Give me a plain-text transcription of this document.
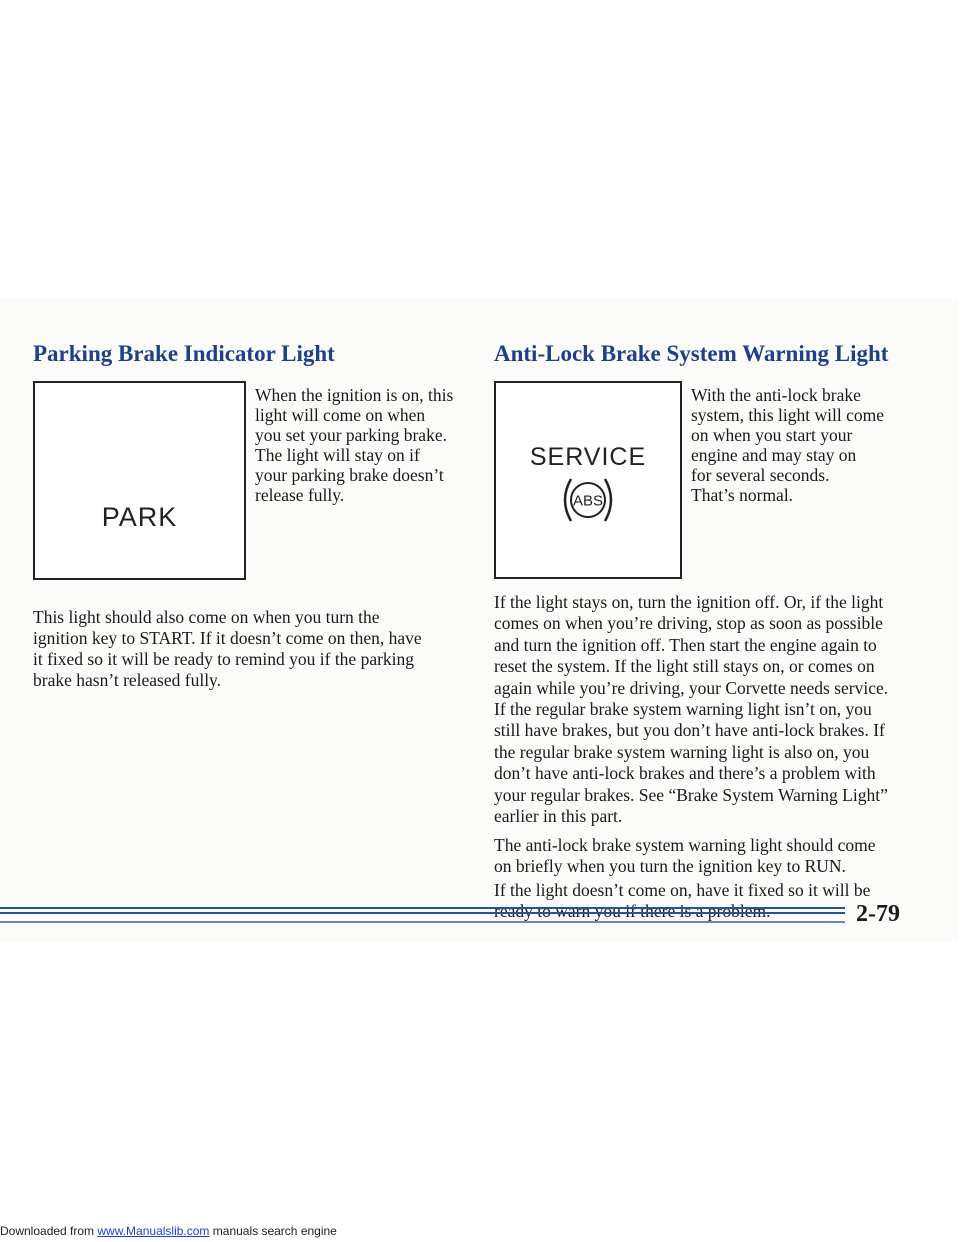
Parking Brake Indicator Light
PARK

When the ignition is on, this

light will come on when

you set your parking brake.

The light will stay on if

your parking brake doesn’t

release fully.

This light should also come on when you turn the

ignition key to START. If it doesn’t come on then, have

it fixed so it will be ready to remind you if the parking

brake hasn’t released fully.

Anti-Lock Brake System Warning Light
SERVICE
ABS

With the anti-lock brake

system, this light will come

on when you start your

engine and may stay on

for several seconds.

That’s normal.

If the light stays on, turn the ignition off. Or, if the light

comes on when you’re driving, stop as soon as possible

and turn the ignition off. Then start the engine again to

reset the system. If the light still stays on, or comes on

again while you’re driving, your Corvette needs service.

If the regular brake system warning light isn’t on, you

still have brakes, but you don’t have anti-lock brakes. If

the regular brake system warning light is also on, you

don’t have anti-lock brakes and there’s a problem with

your regular brakes. See “Brake System Warning Light”

earlier in this part.

The anti-lock brake system warning light should come

on briefly when you turn the ignition key to RUN.

If the light doesn’t come on, have it fixed so it will be

2-79
Downloaded from www.Manualslib.com manuals search engine
